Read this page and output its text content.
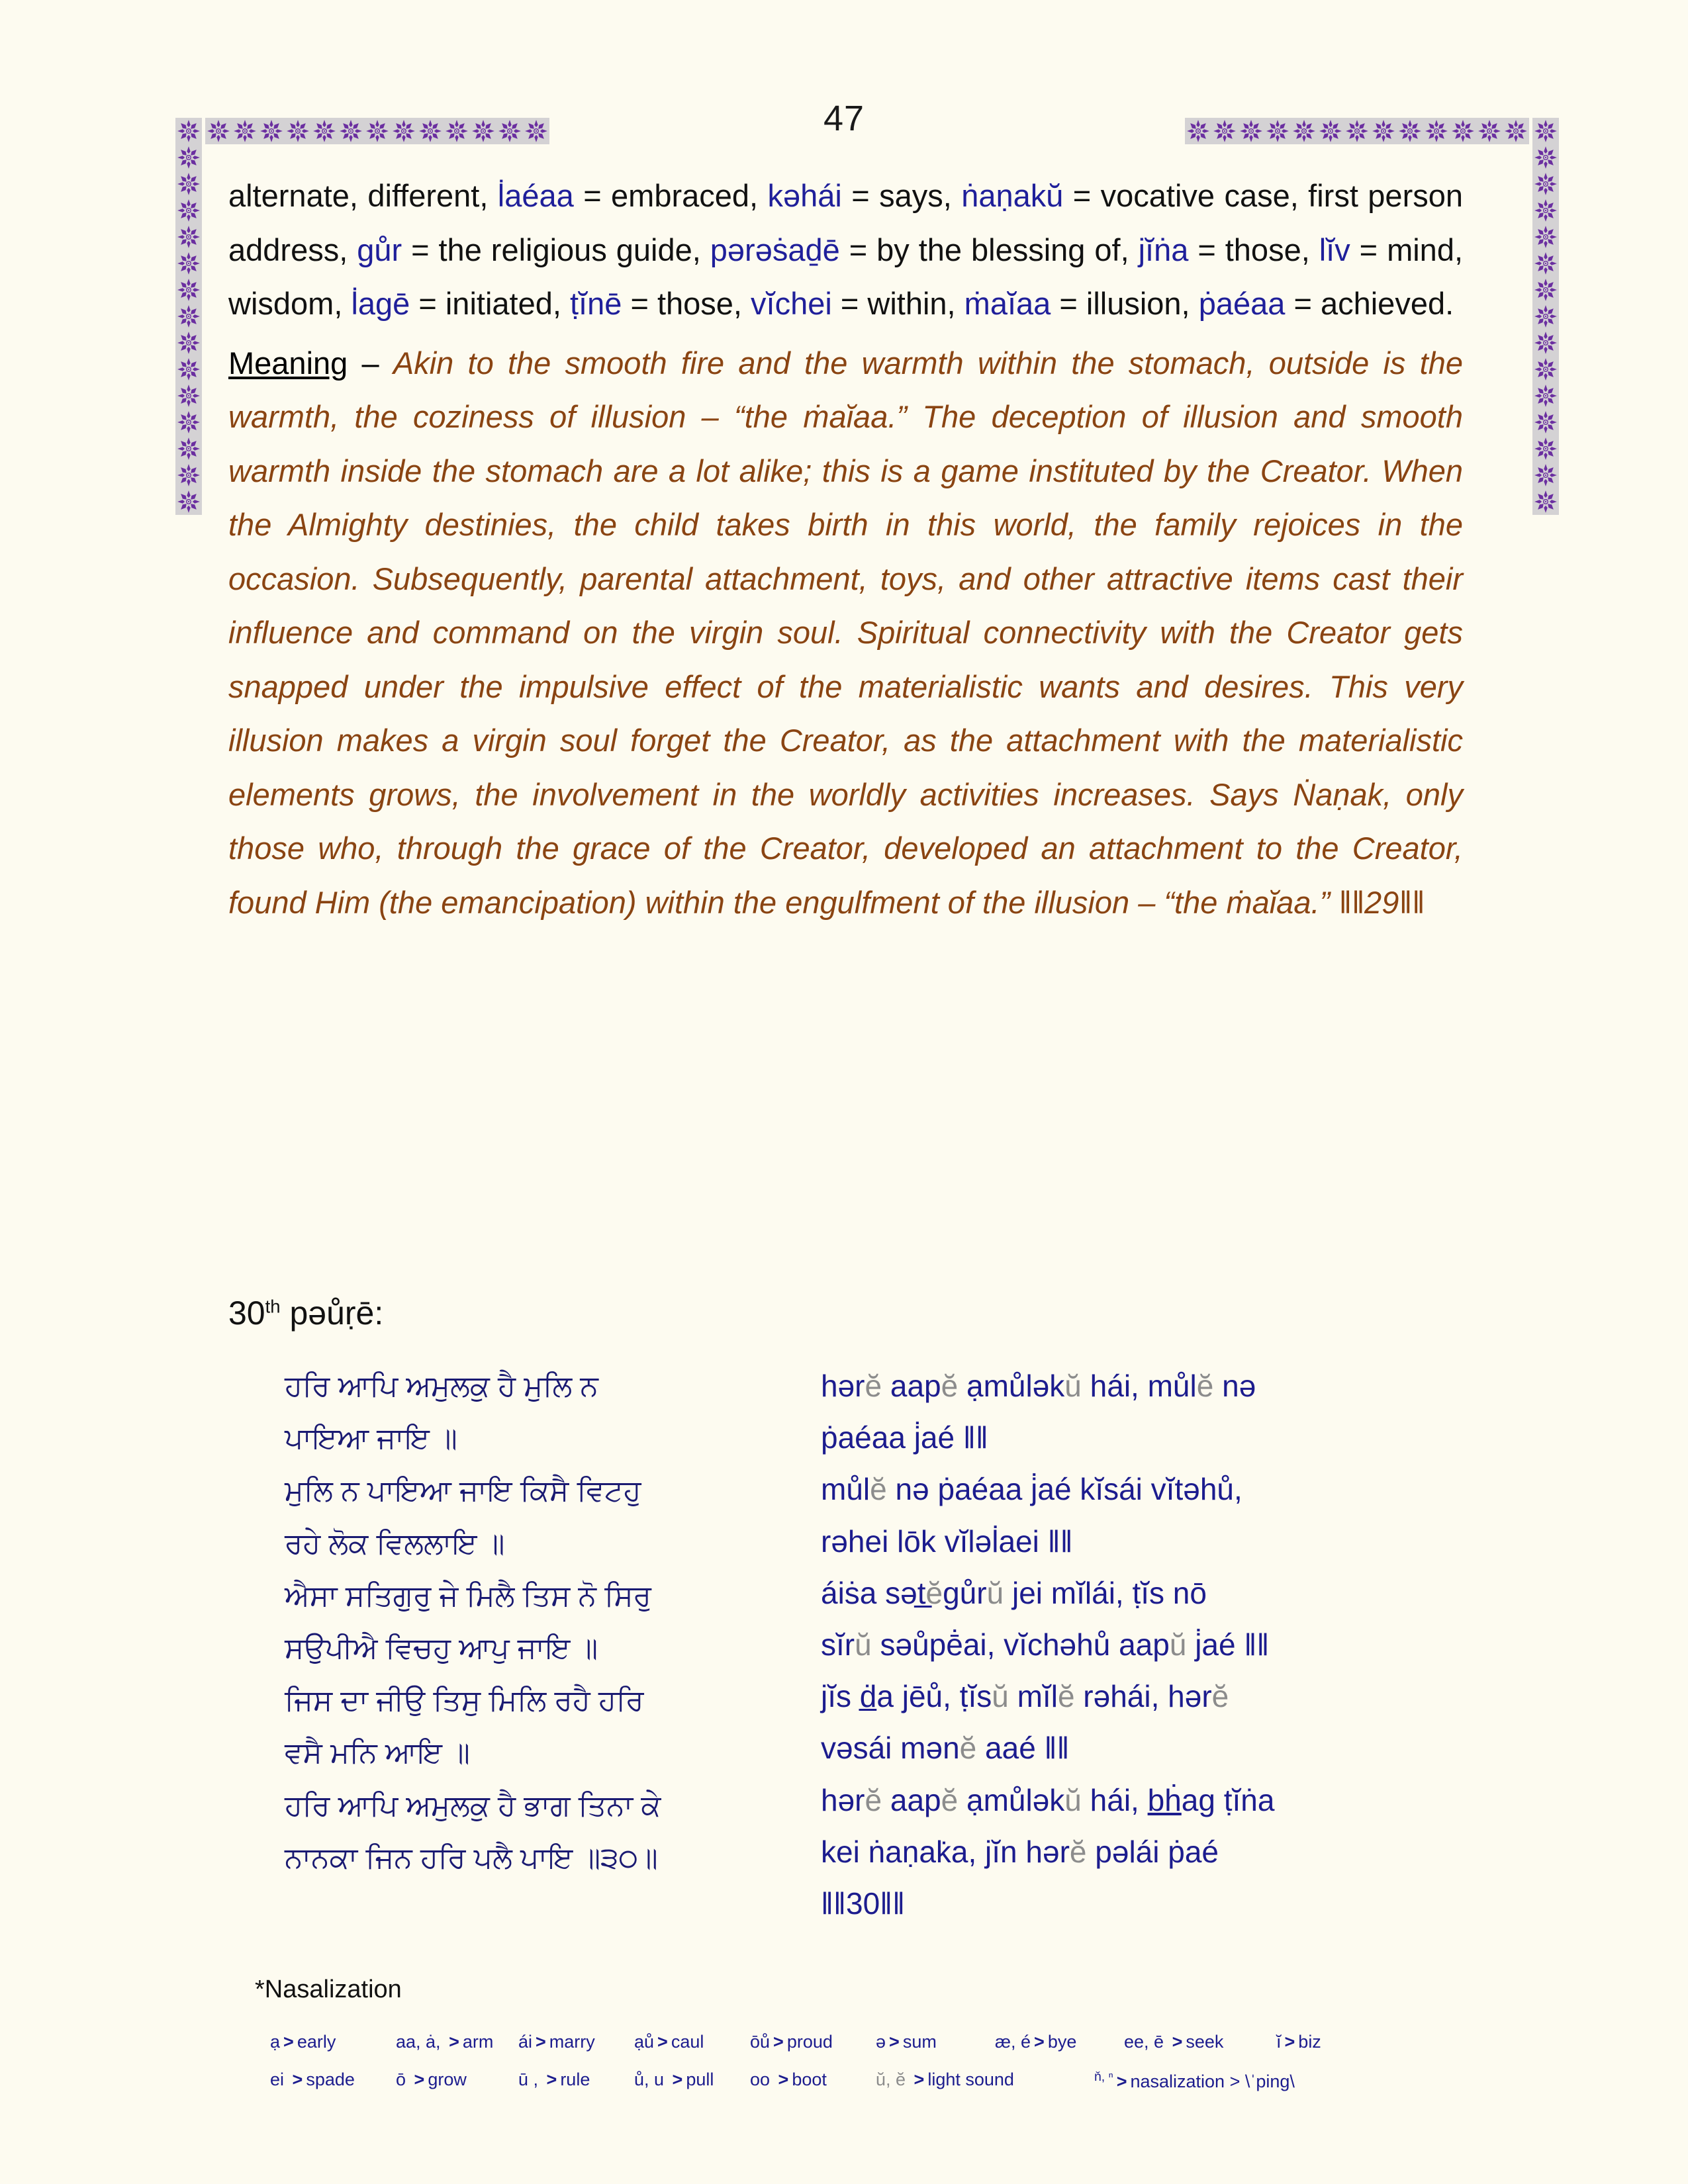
47

alternate, different, l̇aéaa = embraced, kəhái = says, ṅaṇakŭ = vocative case, first person address, gůr = the religious guide, pərəṡaḏē = by the blessing of, jĭṅa = those, lĭv = mind, wisdom, l̇agē = initiated, ṭĭnē = those, vĭchei = within, ṁaĭaa = illusion, ṗaéaa = achieved.

Meaning – Akin to the smooth fire and the warmth within the stomach, outside is the warmth, the coziness of illusion – “the ṁaĭaa.” The deception of illusion and smooth warmth inside the stomach are a lot alike; this is a game instituted by the Creator. When the Almighty destinies, the child takes birth in this world, the family rejoices in the occasion. Subsequently, parental attachment, toys, and other attractive items cast their influence and command on the virgin soul. Spiritual connectivity with the Creator gets snapped under the impulsive effect of the materialistic wants and desires. This very illusion makes a virgin soul forget the Creator, as the attachment with the materialistic elements grows, the involvement in the worldly activities increases. Says Ṅaṇak, only those who, through the grace of the Creator, developed an attachment to the Creator, found Him (the emancipation) within the engulfment of the illusion – “the ṁaĭaa.” ǁǁ29ǁǁ

30th pəůṛē:
ਹਰਿ ਆਪਿ ਅਮੁਲਕੁ ਹੈ ਮੁਲਿ ਨ
ਪਾਇਆ ਜਾਇ ॥
ਮੁਲਿ ਨ ਪਾਇਆ ਜਾਇ ਕਿਸੈ ਵਿਟਹੁ
ਰਹੇ ਲੋਕ ਵਿਲਲਾਇ ॥
ਐਸਾ ਸਤਿਗੁਰੁ ਜੇ ਮਿਲੈ ਤਿਸ ਨੋ ਸਿਰੁ
ਸਉਪੀਐ ਵਿਚਹੁ ਆਪੁ ਜਾਇ ॥
ਜਿਸ ਦਾ ਜੀਉ ਤਿਸੁ ਮਿਲਿ ਰਹੈ ਹਰਿ
ਵਸੈ ਮਨਿ ਆਇ ॥
ਹਰਿ ਆਪਿ ਅਮੁਲਕੁ ਹੈ ਭਾਗ ਤਿਨਾ ਕੇ
ਨਾਨਕਾ ਜਿਨ ਹਰਿ ਪਲੈ ਪਾਇ ॥੩੦॥
hərĕ aapĕ ạmůləkŭ hái, můlĕ nə
ṗaéaa j̇aé ǁǁ
můlĕ nə ṗaéaa j̇aé kĭsái vĭtəhů,
rəhei lōk vĭləl̇aei ǁǁ
áiṡa sət̲ĕgůrŭ jei mĭlái, ṭĭs nō
sĭrŭ səůpē̇ai, vĭchəhů aapŭ j̇aé ǁǁ
jĭs ḋ̲a jēů, ṭĭsŭ mĭlĕ rəhái, hərĕ
vəsái mənĕ aaé ǁǁ
hərĕ aapĕ ạmůləkŭ hái, bḣag ṭĭṅa
kei ṅaṇak̇a, jĭn hərĕ pəlái ṗaé
ǁǁ30ǁǁ
*Nasalization
ạ > early	aa, ȧ, > arm	ái > marry	ạů > caul	ōů > proud	ə > sum	æ, é > bye	ee, ē > seek	ĭ > biz
ei > spade	ō > grow	ū , > rule	ů, u > pull	oo > boot	ŭ, ĕ > light sound	$^{ň, ^n}$ > nasalization > \ˈping\
